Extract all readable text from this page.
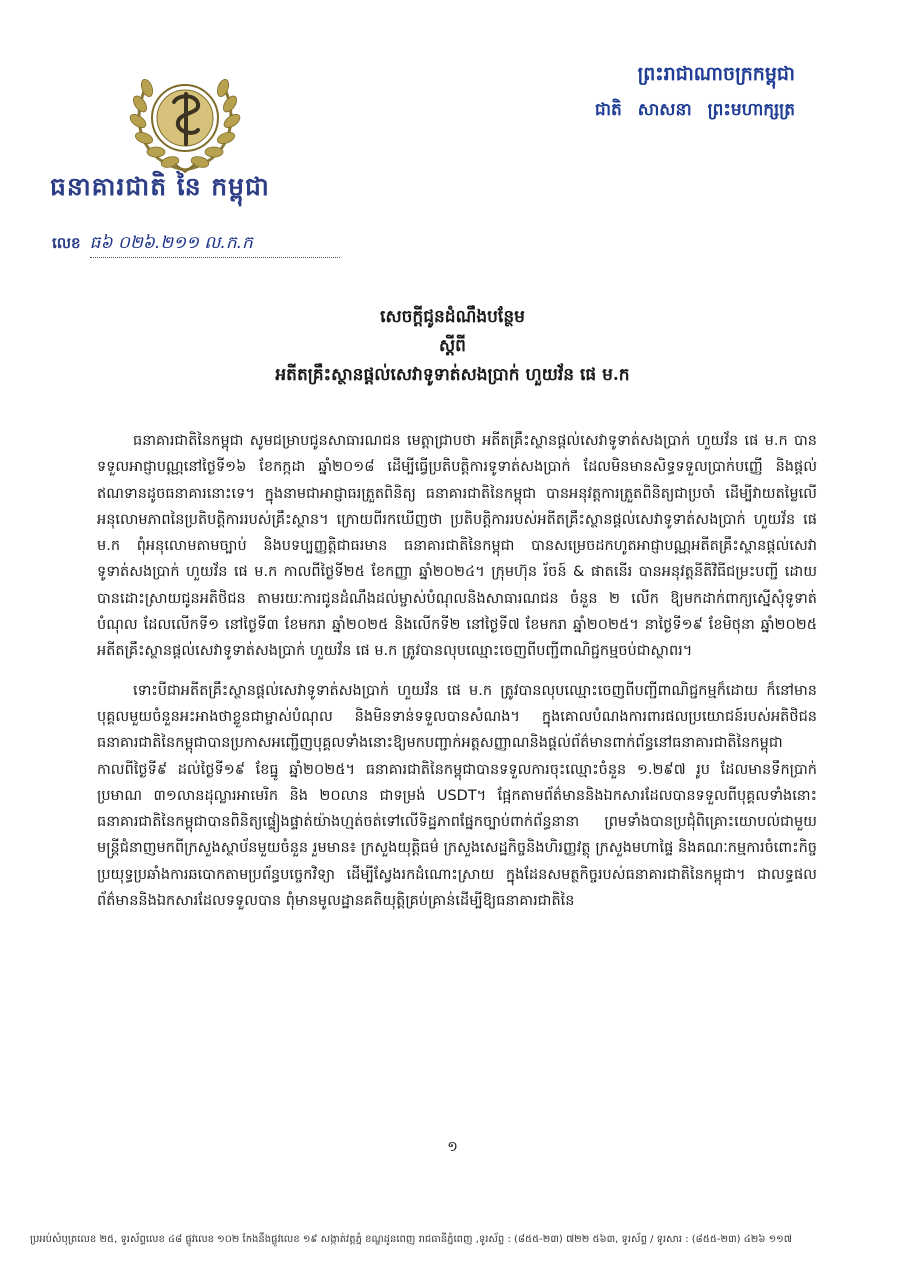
ធនាគារជាតិ នៃ កម្ពុជា
លេខ ធ៦ ០២៦.២១១ ល.ក.ក
ព្រះរាជាណាចក្រកម្ពុជា
ជាតិ សាសនា ព្រះមហាក្សត្រ
សេចក្ដីជូនដំណឹងបន្ថែម
ស្ដីពី
អតីតគ្រឹះស្ថានផ្ដល់សេវាទូទាត់សងប្រាក់ ហួយវ័ន ផេ ម.ក

ធនាគារជាតិនៃកម្ពុជា សូមជម្រាបជូនសាធារណជន មេត្តាជ្រាបថា អតីតគ្រឹះស្ថានផ្ដល់សេវាទូទាត់សងប្រាក់ ហួយវ័ន ផេ ម.ក បានទទួលអាជ្ញាបណ្ណនៅថ្ងៃទី១៦ ខែកក្កដា ឆ្នាំ២០១៨ ដើម្បីធ្វើប្រតិបត្តិការទូទាត់សងប្រាក់ ដែលមិនមានសិទ្ធទទួលប្រាក់បញ្ញើ និងផ្ដល់ឥណទានដូចធនាគារនោះទេ។ ក្នុងនាមជាអាជ្ញាធរត្រួតពិនិត្យ ធនាគារជាតិនៃកម្ពុជា បានអនុវត្តការត្រួតពិនិត្យជាប្រចាំ ដើម្បីវាយតម្លៃលើអនុលោមភាពនៃប្រតិបត្តិការរបស់គ្រឹះស្ថាន។ ក្រោយពីរកឃើញថា ប្រតិបត្តិការរបស់អតីតគ្រឹះស្ថានផ្ដល់សេវាទូទាត់សងប្រាក់ ហួយវ័ន ផេ ម.ក ពុំអនុលោមតាមច្បាប់ និងបទប្បញ្ញត្តិជាធរមាន ធនាគារជាតិនៃកម្ពុជា បានសម្រេចដកហូតអាជ្ញាបណ្ណអតីតគ្រឹះស្ថានផ្ដល់សេវាទូទាត់សងប្រាក់ ហួយវ័ន ផេ ម.ក កាលពីថ្ងៃទី២៥ ខែកញ្ញា ឆ្នាំ២០២៤។ ក្រុមហ៊ុន រ័ចន៍ & ផាតនើរ បានអនុវត្តនីតិវិធីជម្រះបញ្ជី ដោយបានដោះស្រាយជូនអតិថិជន តាមរយៈការជូនដំណឹងដល់ម្ចាស់បំណុលនិងសាធារណជន ចំនួន ២ លើក ឱ្យមកដាក់ពាក្យស្នើសុំទូទាត់បំណុល ដែលលើកទី១ នៅថ្ងៃទី៣ ខែមករា ឆ្នាំ២០២៥ និងលើកទី២ នៅថ្ងៃទី៧ ខែមករា ឆ្នាំ២០២៥។ នាថ្ងៃទី១៩ ខែមិថុនា ឆ្នាំ២០២៥ អតីតគ្រឹះស្ថានផ្ដល់សេវាទូទាត់សងប្រាក់ ហួយវ័ន ផេ ម.ក ត្រូវបានលុបឈ្មោះចេញពីបញ្ជីពាណិជ្ជកម្មចប់ជាស្ថាពរ។

ទោះបីជាអតីតគ្រឹះស្ថានផ្ដល់សេវាទូទាត់សងប្រាក់ ហួយវ័ន ផេ ម.ក ត្រូវបានលុបឈ្មោះចេញពីបញ្ជីពាណិជ្ជកម្មក៏ដោយ ក៏នៅមានបុគ្គលមួយចំនួនអះអាងថាខ្លួនជាម្ចាស់បំណុល និងមិនទាន់ទទួលបានសំណង។ ក្នុងគោលបំណងការពារផលប្រយោជន៍របស់អតិថិជន ធនាគារជាតិនៃកម្ពុជាបានប្រកាសអញ្ជើញបុគ្គលទាំងនោះឱ្យមកបញ្ជាក់អត្តសញ្ញាណនិងផ្ដល់ព័ត៌មានពាក់ព័ន្ធនៅធនាគារជាតិនៃកម្ពុជា កាលពីថ្ងៃទី៩ ដល់ថ្ងៃទី១៩ ខែធ្នូ ឆ្នាំ២០២៥។ ធនាគារជាតិនៃកម្ពុជាបានទទួលការចុះឈ្មោះចំនួន ១.២៩៧ រូប ដែលមានទឹកប្រាក់ប្រមាណ ៣១លានដុល្លារអាមេរិក និង ២០លាន ជាទម្រង់ USDT។ ផ្អែកតាមព័ត៌មាននិងឯកសារដែលបានទទួលពីបុគ្គលទាំងនោះ ធនាគារជាតិនៃកម្ពុជាបានពិនិត្យផ្ទៀងផ្ទាត់យ៉ាងហ្មត់ចត់ទៅលើទិដ្ឋភាពផ្នែកច្បាប់ពាក់ព័ន្ធនានា ព្រមទាំងបានប្រជុំពិគ្រោះយោបល់ជាមួយមន្ត្រីជំនាញមកពីក្រសួងស្ថាប័នមួយចំនួន រួមមាន៖ ក្រសួងយុត្តិធម៌ ក្រសួងសេដ្ឋកិច្ចនិងហិរញ្ញវត្ថុ ក្រសួងមហាផ្ទៃ និងគណៈកម្មការចំពោះកិច្ចប្រយុទ្ធប្រឆាំងការឆបោកតាមប្រព័ន្ធបច្ចេកវិទ្យា ដើម្បីស្វែងរកដំណោះស្រាយ ក្នុងដែនសមត្ថកិច្ចរបស់ធនាគារជាតិនៃកម្ពុជា។ ជាលទ្ធផល ព័ត៌មាននិងឯកសារដែលទទួលបាន ពុំមានមូលដ្ឋានគតិយុត្តិគ្រប់គ្រាន់ដើម្បីឱ្យធនាគារជាតិនៃ

១
ប្រអប់សំបុត្រលេខ ២៥, ទូរស័ព្ទលេខ ៤៨ ផ្លូវលេខ ១០២ កែងនឹងផ្លូវលេខ ១៩ សង្កាត់វត្តភ្នំ ខណ្ឌដូនពេញ រាជធានីភ្នំពេញ ,ទូរស័ព្ទ : (៨៥៥-២៣) ៧២២ ៥៦៣, ទូរស័ព្ទ / ទូរសារ : (៨៥៥-២៣) ៤២៦ ១១៧
